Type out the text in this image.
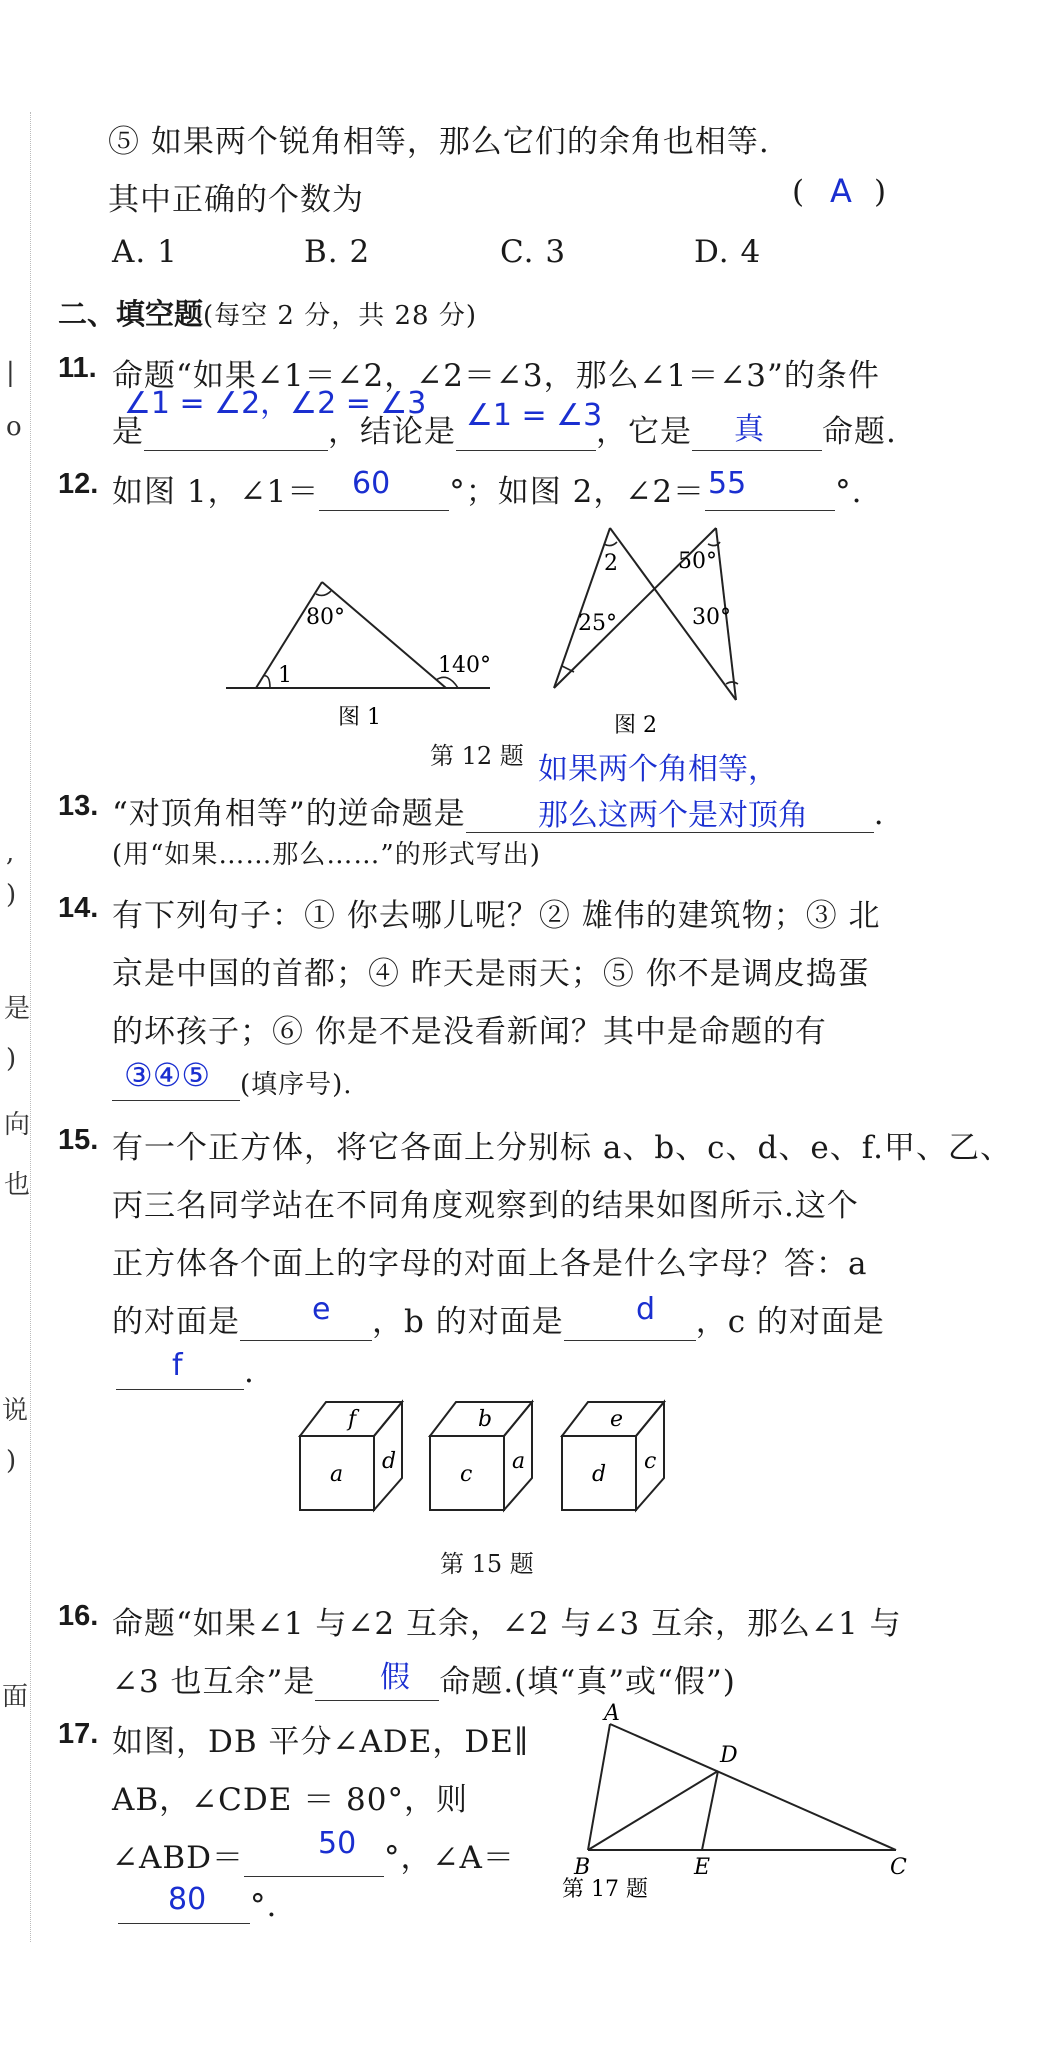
|
o
,
)
是
)
向
也
说
)
面
⑤ 如果两个锐角相等，那么它们的余角也相等.
其中正确的个数为	( A )
A. 1	B. 2	C. 3	D. 4
二、填空题(每空 2 分，共 28 分)
11. 命题“如果∠1＝∠2，∠2＝∠3，那么∠1＝∠3”的条件
∠1 = ∠2，∠2 = ∠3
是	，结论是	，它是	命题.
∠1 = ∠3	真
12. 如图 1，∠1＝	°；如图 2，∠2＝	°.
60	55
80°
1	140°
图 1
2
25°
50°
30°
图 2
第 12 题 如果两个角相等，
13. “对顶角相等”的逆命题是	.
那么这两个是对顶角
(用“如果……那么……”的形式写出)
14. 有下列句子：① 你去哪儿呢？② 雄伟的建筑物；③ 北
京是中国的首都；④ 昨天是雨天；⑤ 你不是调皮捣蛋
的坏孩子；⑥ 你是不是没看新闻？其中是命题的有
(填序号).
③④⑤
15. 有一个正方体，将它各面上分别标 a、b、c、d、e、f.甲、乙、
丙三名同学站在不同角度观察到的结果如图所示.这个
正方体各个面上的字母的对面上各是什么字母？答：a
的对面是	，b 的对面是	，c 的对面是
e	d
.
f
f
a
d
b
c
a
e
d
c
第 15 题
16. 命题“如果∠1 与∠2 互余，∠2 与∠3 互余，那么∠1 与
∠3 也互余”是	命题.(填“真”或“假”)
假
17. 如图，DB 平分∠ADE，DE∥
AB，∠CDE ＝ 80°，则
∠ABD＝	°，∠A＝
50
°.
80
A
B	C
D
E
第 17 题
